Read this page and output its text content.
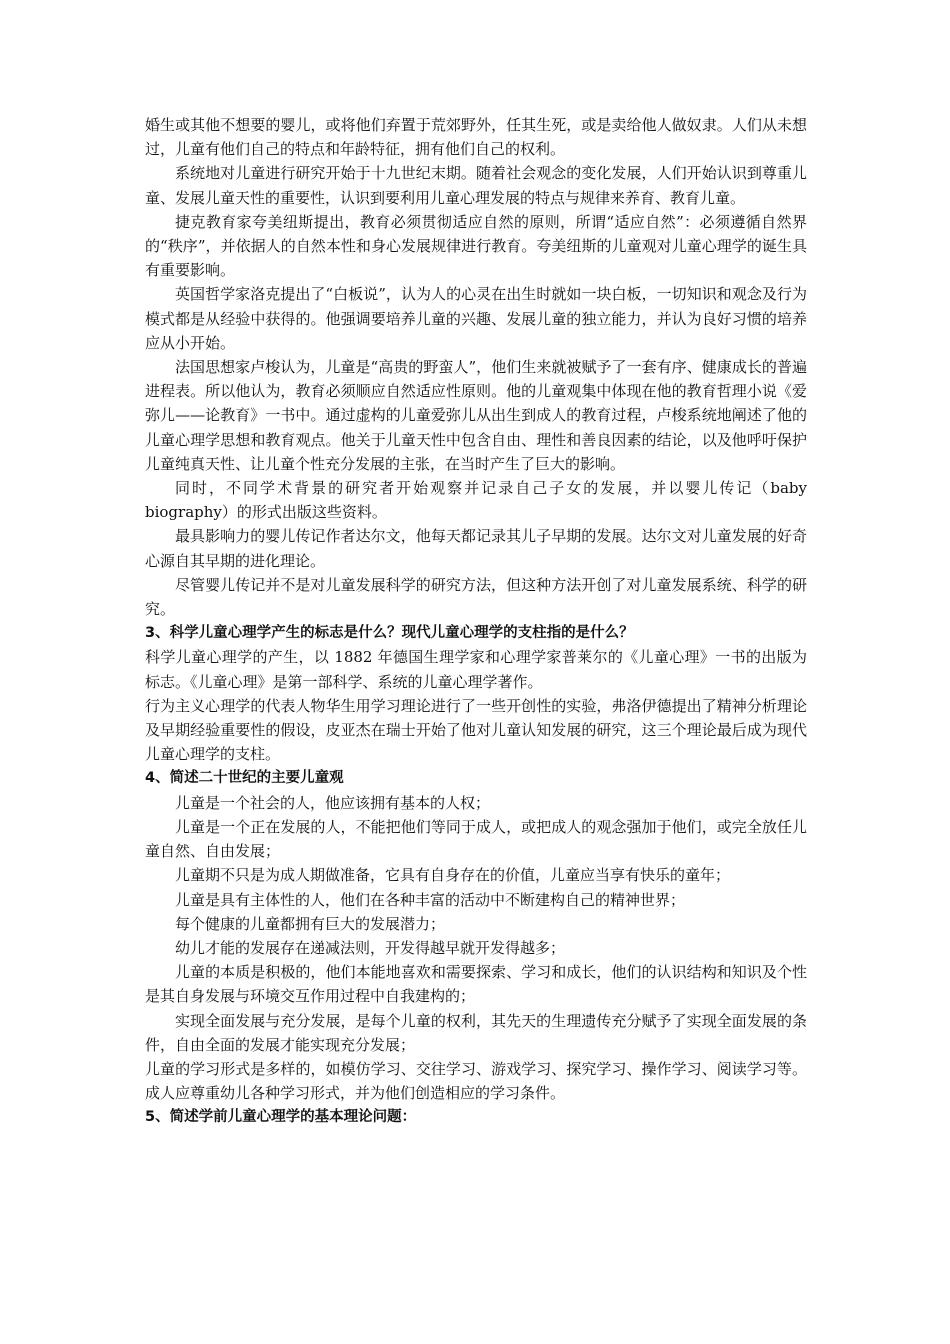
婚生或其他不想要的婴儿，或将他们弃置于荒郊野外，任其生死，或是卖给他人做奴隶。人们从未想过，儿童有他们自己的特点和年龄特征，拥有他们自己的权利。

系统地对儿童进行研究开始于十九世纪末期。随着社会观念的变化发展，人们开始认识到尊重儿童、发展儿童天性的重要性，认识到要利用儿童心理发展的特点与规律来养育、教育儿童。

捷克教育家夸美纽斯提出，教育必须贯彻适应自然的原则，所谓“适应自然”：必须遵循自然界的“秩序”，并依据人的自然本性和身心发展规律进行教育。夸美纽斯的儿童观对儿童心理学的诞生具有重要影响。

英国哲学家洛克提出了“白板说”，认为人的心灵在出生时就如一块白板，一切知识和观念及行为模式都是从经验中获得的。他强调要培养儿童的兴趣、发展儿童的独立能力，并认为良好习惯的培养应从小开始。

法国思想家卢梭认为，儿童是“高贵的野蛮人”，他们生来就被赋予了一套有序、健康成长的普遍进程表。所以他认为，教育必须顺应自然适应性原则。他的儿童观集中体现在他的教育哲理小说《爱弥儿——论教育》一书中。通过虚构的儿童爱弥儿从出生到成人的教育过程，卢梭系统地阐述了他的儿童心理学思想和教育观点。他关于儿童天性中包含自由、理性和善良因素的结论，以及他呼吁保护儿童纯真天性、让儿童个性充分发展的主张，在当时产生了巨大的影响。

同时，不同学术背景的研究者开始观察并记录自己子女的发展，并以婴儿传记（baby biography）的形式出版这些资料。

最具影响力的婴儿传记作者达尔文，他每天都记录其儿子早期的发展。达尔文对儿童发展的好奇心源自其早期的进化理论。

尽管婴儿传记并不是对儿童发展科学的研究方法，但这种方法开创了对儿童发展系统、科学的研究。

3、科学儿童心理学产生的标志是什么？现代儿童心理学的支柱指的是什么？

科学儿童心理学的产生，以 1882 年德国生理学家和心理学家普莱尔的《儿童心理》一书的出版为标志。《儿童心理》是第一部科学、系统的儿童心理学著作。

行为主义心理学的代表人物华生用学习理论进行了一些开创性的实验，弗洛伊德提出了精神分析理论及早期经验重要性的假设，皮亚杰在瑞士开始了他对儿童认知发展的研究，这三个理论最后成为现代儿童心理学的支柱。

4、简述二十世纪的主要儿童观

儿童是一个社会的人，他应该拥有基本的人权；

儿童是一个正在发展的人，不能把他们等同于成人，或把成人的观念强加于他们，或完全放任儿童自然、自由发展；

儿童期不只是为成人期做准备，它具有自身存在的价值，儿童应当享有快乐的童年；

儿童是具有主体性的人，他们在各种丰富的活动中不断建构自己的精神世界；

每个健康的儿童都拥有巨大的发展潜力；

幼儿才能的发展存在递减法则，开发得越早就开发得越多；

儿童的本质是积极的，他们本能地喜欢和需要探索、学习和成长，他们的认识结构和知识及个性是其自身发展与环境交互作用过程中自我建构的；

实现全面发展与充分发展，是每个儿童的权利，其先天的生理遗传充分赋予了实现全面发展的条件，自由全面的发展才能实现充分发展；

儿童的学习形式是多样的，如模仿学习、交往学习、游戏学习、探究学习、操作学习、阅读学习等。成人应尊重幼儿各种学习形式，并为他们创造相应的学习条件。

5、简述学前儿童心理学的基本理论问题：
